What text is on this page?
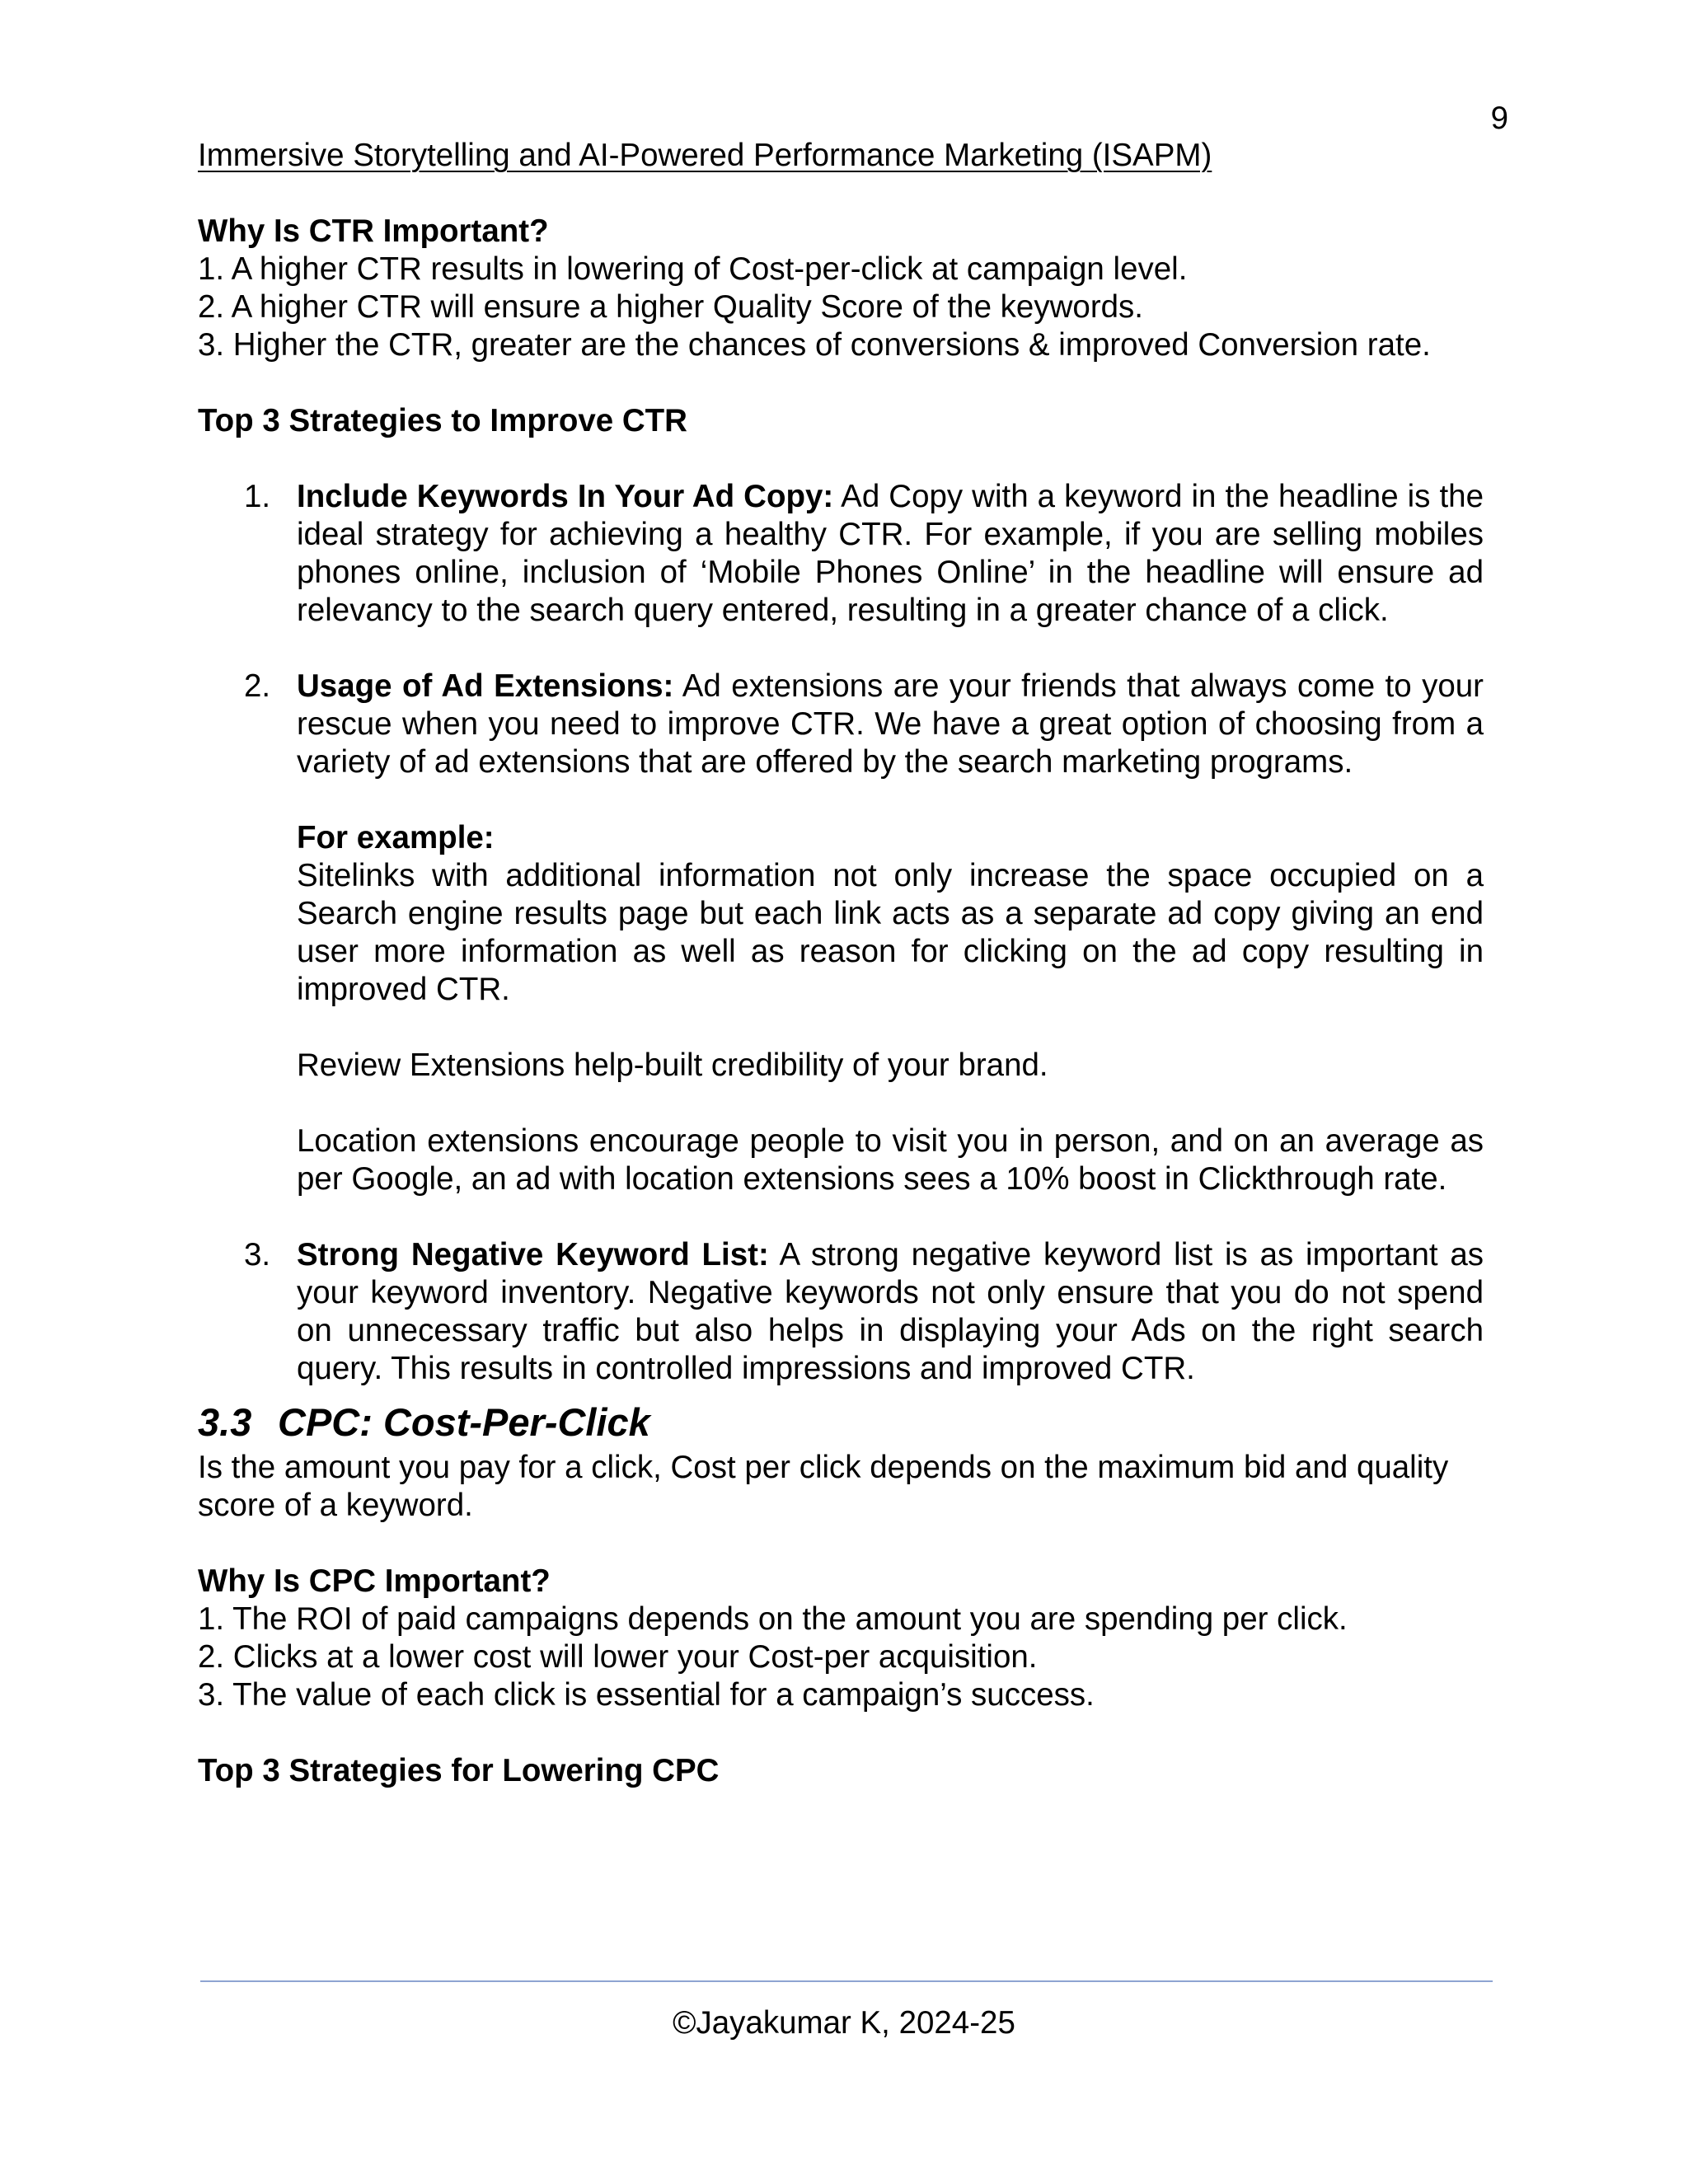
9

Immersive Storytelling and AI-Powered Performance Marketing (ISAPM)

Why Is CTR Important?

1. A higher CTR results in lowering of Cost-per-click at campaign level.

2. A higher CTR will ensure a higher Quality Score of the keywords.

3. Higher the CTR, greater are the chances of conversions & improved Conversion rate.

Top 3 Strategies to Improve CTR

1. Include Keywords In Your Ad Copy: Ad Copy with a keyword in the headline is the ideal strategy for achieving a healthy CTR. For example, if you are selling mobiles phones online, inclusion of ‘Mobile Phones Online’ in the headline will ensure ad relevancy to the search query entered, resulting in a greater chance of a click.

2. Usage of Ad Extensions: Ad extensions are your friends that always come to your rescue when you need to improve CTR. We have a great option of choosing from a variety of ad extensions that are offered by the search marketing programs.

For example:

Sitelinks with additional information not only increase the space occupied on a Search engine results page but each link acts as a separate ad copy giving an end user more information as well as reason for clicking on the ad copy resulting in improved CTR.

Review Extensions help-built credibility of your brand.

Location extensions encourage people to visit you in person, and on an average as per Google, an ad with location extensions sees a 10% boost in Clickthrough rate.

3. Strong Negative Keyword List: A strong negative keyword list is as important as your keyword inventory. Negative keywords not only ensure that you do not spend on unnecessary traffic but also helps in displaying your Ads on the right search query. This results in controlled impressions and improved CTR.

3.3 CPC: Cost-Per-Click

Is the amount you pay for a click, Cost per click depends on the maximum bid and quality score of a keyword.

Why Is CPC Important?

1. The ROI of paid campaigns depends on the amount you are spending per click.

2. Clicks at a lower cost will lower your Cost-per acquisition.

3. The value of each click is essential for a campaign’s success.

Top 3 Strategies for Lowering CPC

©Jayakumar K, 2024-25
